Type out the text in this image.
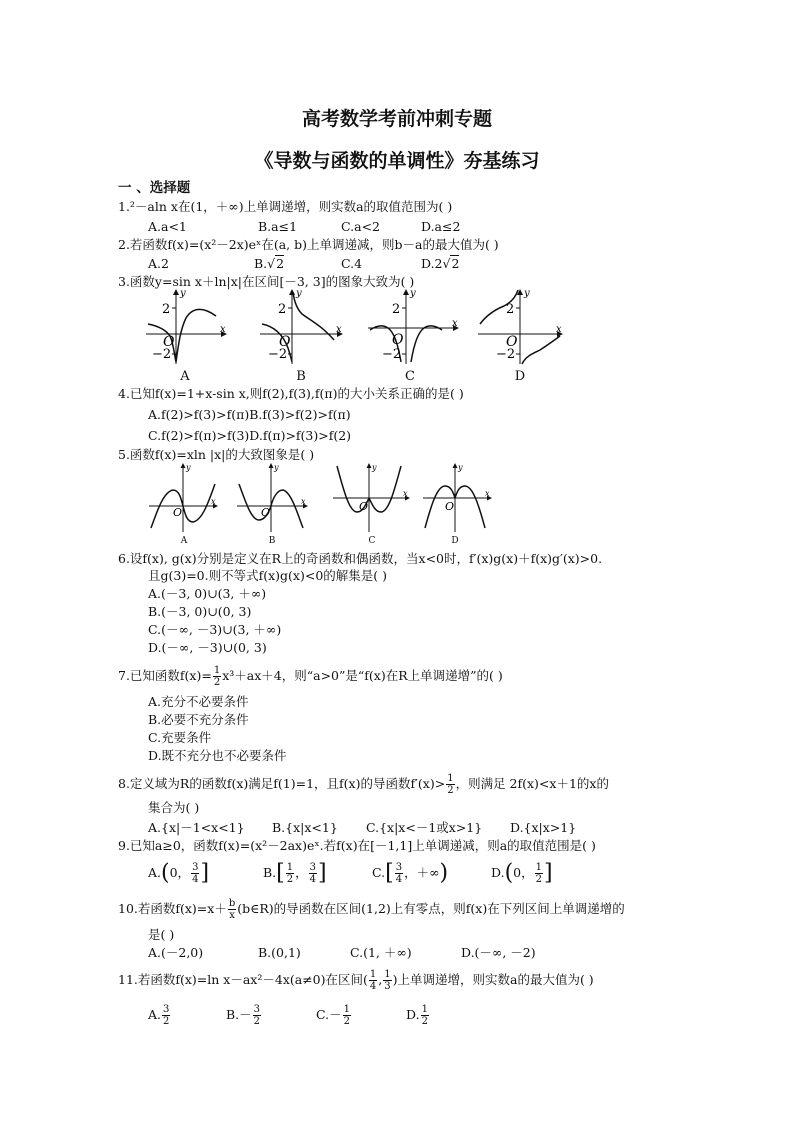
高考数学考前冲刺专题
《导数与函数的单调性》夯基练习
一 、选择题
1.²－aln x在(1，＋∞)上单调递增，则实数a的取值范围为( )
A.a<1	B.a≤1	C.a<2	D.a≤2
2.若函数f(x)=(x²－2x)eˣ在(a, b)上单调递减，则b－a的最大值为( )
A.2	B.√2	C.4	D.2√2
3.函数y=sin x＋ln|x|在区间[－3, 3]的图象大致为( )
y
x
O
2
−2
y
x
O
2
−2
y
x
O
2
−2
y
x
O
2
−2
A	B	C	D
4.已知f(x)=1+x-sin x,则f(2),f(3),f(π)的大小关系正确的是( )
A.f(2)>f(3)>f(π)B.f(3)>f(2)>f(π)
C.f(2)>f(π)>f(3)D.f(π)>f(3)>f(2)
5.函数f(x)=xln |x|的大致图象是( )
y
x
O
y
x
O
y
x
O
y
x
O
A	B	C	D
6.设f(x), g(x)分别是定义在R上的奇函数和偶函数，当x<0时，f′(x)g(x)＋f(x)g′(x)>0.
且g(3)=0.则不等式f(x)g(x)<0的解集是( )
A.(－3, 0)∪(3, ＋∞)
B.(－3, 0)∪(0, 3)
C.(－∞, －3)∪(3, ＋∞)
D.(－∞, －3)∪(0, 3)
7.已知函数$f(x)= \frac{1}{2} x^3+ax+4$，则“a>0”是“f(x)在R上单调递增”的( )
A.充分不必要条件
B.必要不充分条件
C.充要条件
D.既不充分也不必要条件
8.定义域为R的函数f(x)满足f(1)=1，且f(x)的导函数$f'(x)> \frac{1}{2}$ ，则满足 2f(x)<x＋1的x的
集合为( )
A.{x|－1<x<1} B.{x|x<1} C.{x|x<－1或x>1} D.{x|x>1}
9.已知a≥0，函数f(x)=(x²－2ax)eˣ.若f(x)在[－1,1]上单调递减，则a的取值范围是( )
A.(0， $\frac{3}{4}$ ]	$B.[ \frac{1}{2}$ ， $\frac{3}{4}$ ]	$C.[ \frac{3}{4}$ ，＋∞)	D.(0， $\frac{1}{2}$ ]
10.若函数$f(x)=x+ \frac{b}{x}$ (b∈R)的导函数在区间(1,2)上有零点，则f(x)在下列区间上单调递增的
是( )
A.(－2,0)	B.(0,1)	C.(1, ＋∞)	D.(－∞, －2)
11.若函数f(x)=ln x－ax²－4x(a≠0)在区间( $\frac{1}{4}$ , $\frac{1}{3}$ )上单调递增，则实数a的最大值为( )
A. $\frac{3}{2}$	$B.- \frac{3}{2}$	$C.- \frac{1}{2}$	D. $\frac{1}{2}$
